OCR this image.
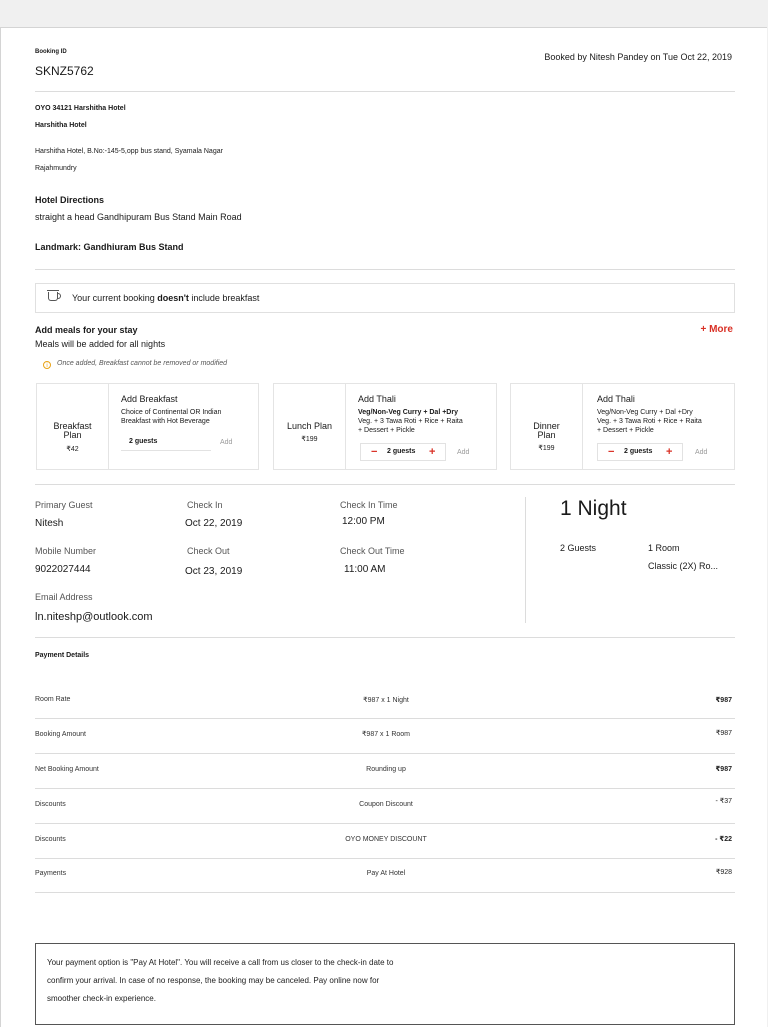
Booking ID
SKNZ5762
Booked by Nitesh Pandey on Tue Oct 22, 2019
OYO 34121 Harshitha Hotel
Harshitha Hotel
Harshitha Hotel, B.No:-145-5,opp bus stand, Syamala Nagar
Rajahmundry
Hotel Directions
straight a head Gandhipuram Bus Stand Main Road
Landmark: Gandhiuram Bus Stand
Your current booking doesn't include breakfast
Add meals for your stay
Meals will be added for all nights
+ More
i	Once added, Breakfast cannot be removed or modified
Breakfast
Plan
₹42
Add Breakfast
Choice of Continental OR Indian
Breakfast with Hot Beverage
2 guests	Add
Lunch Plan
₹199
Add Thali
Veg/Non-Veg Curry + Dal +Dry
Veg. + 3 Tawa Roti + Rice + Raita
+ Dessert + Pickle
− 2 guests +	Add
Dinner
Plan
₹199
Add Thali
Veg/Non-Veg Curry + Dal +Dry
Veg. + 3 Tawa Roti + Rice + Raita
+ Dessert + Pickle
− 2 guests +	Add
Primary Guest
Nitesh
Check In
Oct 22, 2019
Check In Time
12:00 PM
Mobile Number
9022027444
Check Out
Oct 23, 2019
Check Out Time
11:00 AM
Email Address
ln.niteshp@outlook.com
1 Night
2 Guests	1 Room
Classic (2X) Ro...
Payment Details
Room Rate	₹987 x 1 Night	₹987
Booking Amount	₹987 x 1 Room	₹987
Net Booking Amount	Rounding up	₹987
Discounts	Coupon Discount	- ₹37
Discounts	OYO MONEY DISCOUNT	- ₹22
Payments	Pay At Hotel	₹928
Your payment option is "Pay At Hotel". You will receive a call from us closer to the check-in date to
confirm your arrival. In case of no response, the booking may be canceled. Pay online now for
smoother check-in experience.
